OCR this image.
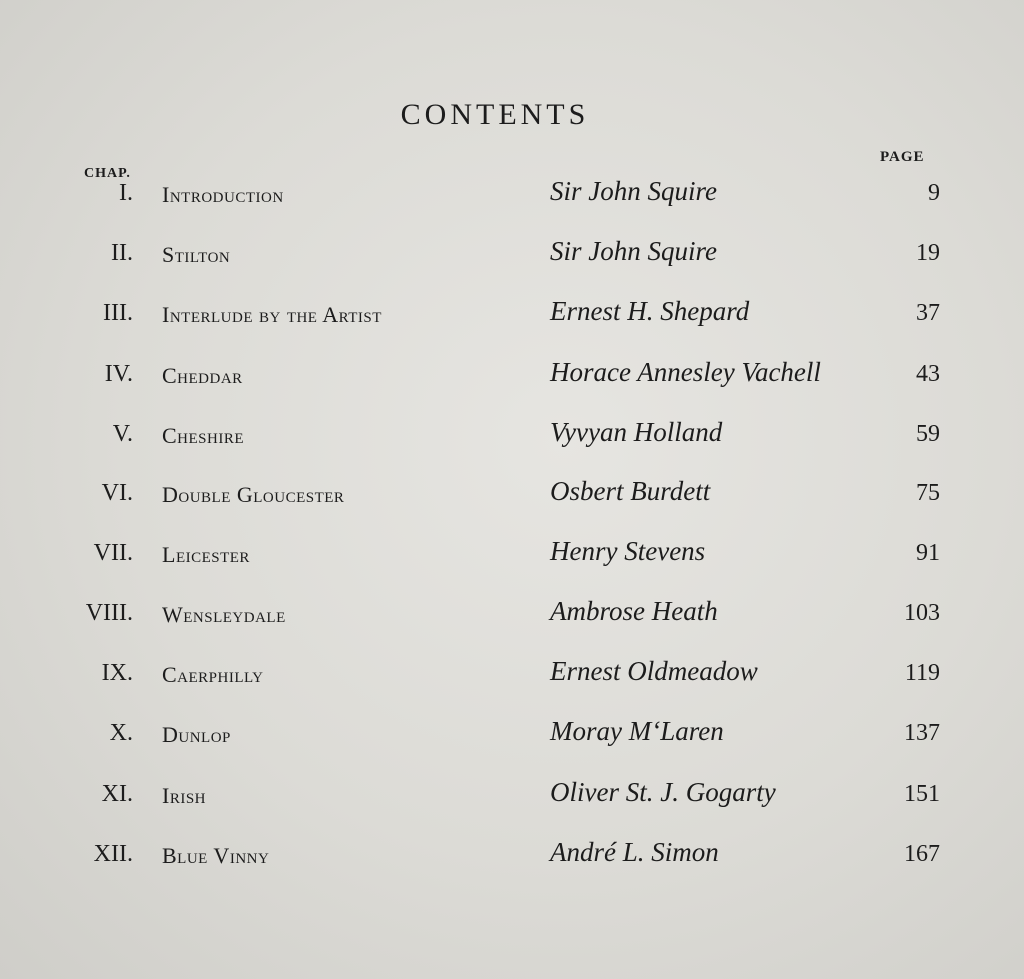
CONTENTS
CHAP.
PAGE
I. Introduction	Sir John Squire	9
II. Stilton	Sir John Squire	19
III. Interlude by the Artist	Ernest H. Shepard	37
IV. Cheddar	Horace Annesley Vachell	43
V. Cheshire	Vyvyan Holland	59
VI. Double Gloucester	Osbert Burdett	75
VII. Leicester	Henry Stevens	91
VIII. Wensleydale	Ambrose Heath	103
IX. Caerphilly	Ernest Oldmeadow	119
X. Dunlop	Moray M‘Laren	137
XI. Irish	Oliver St. J. Gogarty	151
XII. Blue Vinny	André L. Simon	167
